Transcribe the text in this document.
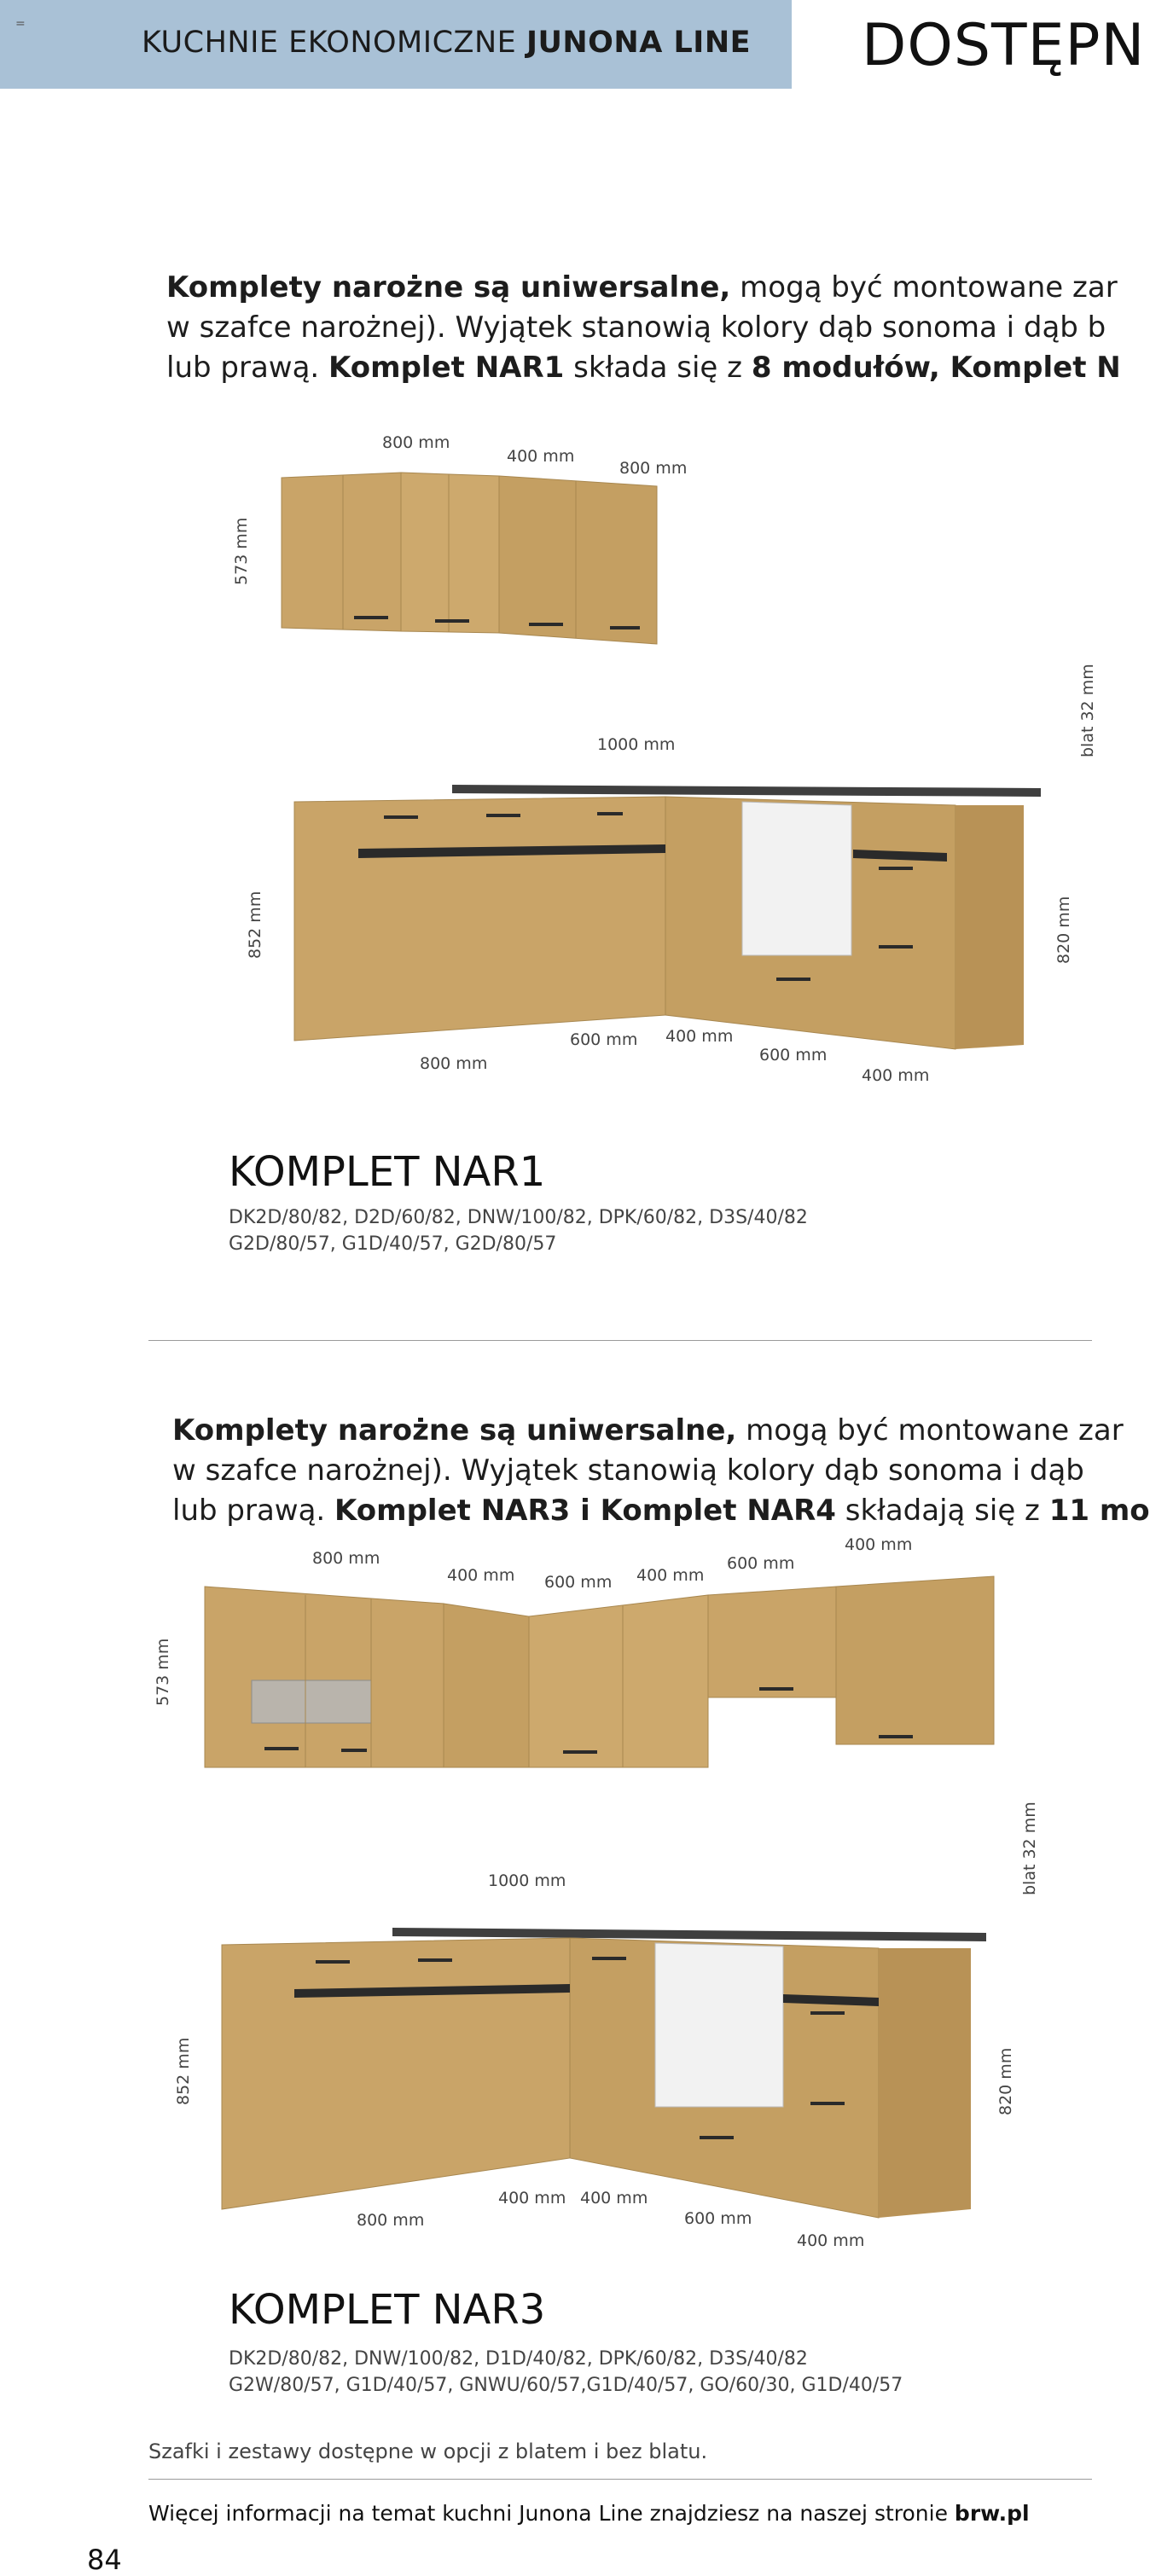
=
KUCHNIE EKONOMICZNE JUNONA LINE DOSTĘPN
Komplety narożne są uniwersalne, mogą być montowane zar
w szafce narożnej). Wyjątek stanowią kolory dąb sonoma i dąb b
lub prawą. Komplet NAR1 składa się z 8 modułów, Komplet N
800 mm
400 mm
800 mm
573 mm
1000 mm
852 mm	820 mm
blat 32 mm
800 mm
600 mm 400 mm
600 mm
400 mm
KOMPLET NAR1
DK2D/80/82, D2D/60/82, DNW/100/82, DPK/60/82, D3S/40/82
G2D/80/57, G1D/40/57, G2D/80/57
Komplety narożne są uniwersalne, mogą być montowane zar
w szafce narożnej). Wyjątek stanowią kolory dąb sonoma i dąb
lub prawą. Komplet NAR3 i Komplet NAR4 składają się z 11 mo
800 mm
400 mm 600 mm 400 mm
600 mm
400 mm
573 mm
1000 mm
852 mm	820 mm
blat 32 mm
800 mm
400 mm 400 mm
600 mm
400 mm
KOMPLET NAR3
DK2D/80/82, DNW/100/82, D1D/40/82, DPK/60/82, D3S/40/82
G2W/80/57, G1D/40/57, GNWU/60/57,G1D/40/57, GO/60/30, G1D/40/57
Szafki i zestawy dostępne w opcji z blatem i bez blatu.
Więcej informacji na temat kuchni Junona Line znajdziesz na naszej stronie brw.pl
84
